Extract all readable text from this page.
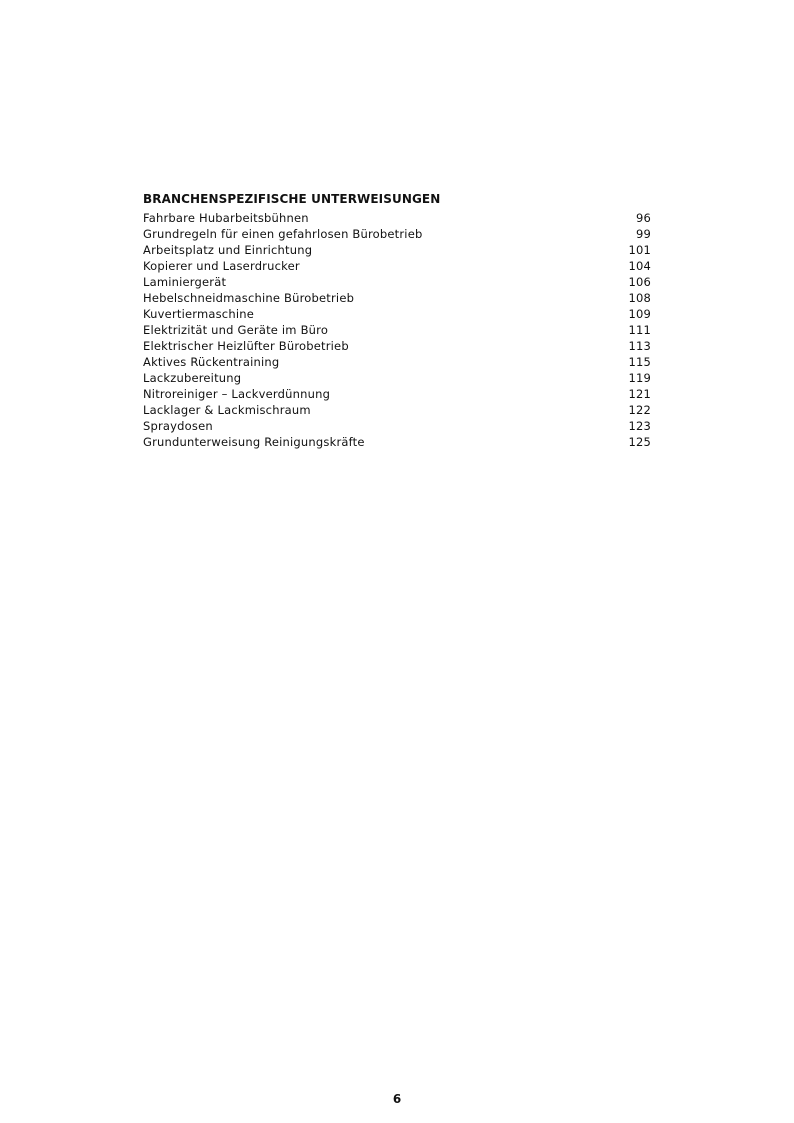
BRANCHENSPEZIFISCHE UNTERWEISUNGEN
Fahrbare Hubarbeitsbühnen	96
Grundregeln für einen gefahrlosen Bürobetrieb	99
Arbeitsplatz und Einrichtung	101
Kopierer und Laserdrucker	104
Laminiergerät	106
Hebelschneidmaschine Bürobetrieb	108
Kuvertiermaschine	109
Elektrizität und Geräte im Büro	111
Elektrischer Heizlüfter Bürobetrieb	113
Aktives Rückentraining	115
Lackzubereitung	119
Nitroreiniger – Lackverdünnung	121
Lacklager & Lackmischraum	122
Spraydosen	123
Grundunterweisung Reinigungskräfte	125
6
